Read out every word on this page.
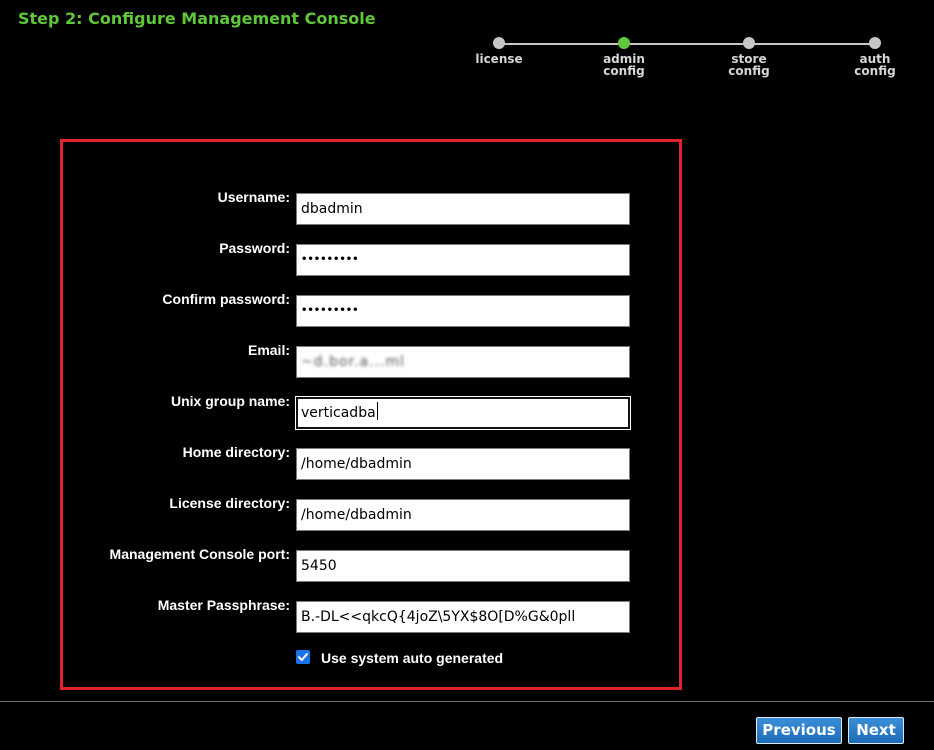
Step 2: Configure Management Console
license	admin
config
store
config
auth
config
Username:
dbadmin
Password:
•••••••••
Confirm password:
•••••••••
Email:
~d.bor.a...ml
Unix group name:
verticadba
Home directory:
/home/dbadmin
License directory:
/home/dbadmin
Management Console port:
5450
Master Passphrase:
B.-DL<<qkcQ{4joZ\5YX$8O[D%G&0pll
Use system auto generated
Previous	Next
